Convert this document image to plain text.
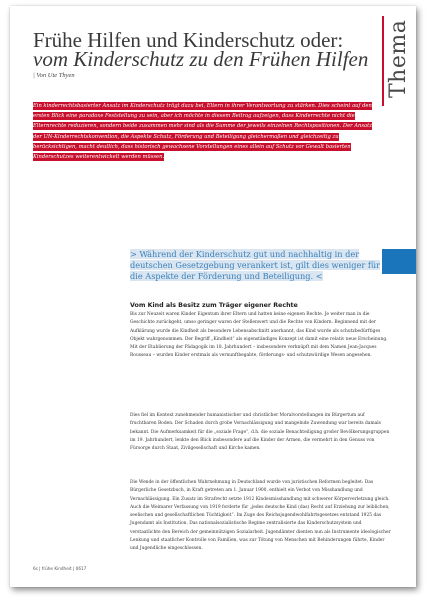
Thema
Frühe Hilfen und Kinderschutz oder:
vom Kinderschutz zu den Frühen Hilfen
| Von Ute Thyen

Ein kinderrechtsbasierter Ansatz im Kinderschutz trägt dazu bei, Eltern in ihrer Verantwortung zu stärken. Dies scheint auf den ersten Blick eine paradoxe Feststellung zu sein, aber ich möchte in diesem Beitrag aufzeigen, dass Kinderrechte nicht die Elternrechte reduzieren, sondern beide zusammen mehr sind als die Summe der jeweils einzelnen Rechtspositionen. Der Ansatz der UN-Kinderrechtskonvention, die Aspekte Schutz, Förderung und Beteiligung gleichermaßen und gleichzeitig zu berücksichtigen, macht deutlich, dass historisch gewachsene Vorstellungen eines allein auf Schutz vor Gewalt basierten Kinderschutzes weiterentwickelt werden müssen.

> Während der Kinderschutz gut und nachhaltig in der deutschen Gesetzgebung verankert ist, gilt dies weniger für die Aspekte der Förderung und Beteiligung. <

Vom Kind als Besitz zum Träger eigener Rechte

Bis zur Neuzeit waren Kinder Eigentum ihrer Eltern und hatten keine eigenen Rechte. Je weiter man in die Geschichte zurückgeht, umso geringer waren der Stellenwert und die Rechte von Kindern. Beginnend mit der Aufklärung wurde die Kindheit als besondere Lebensabschnitt anerkannt, das Kind wurde als schutzbedürftiges Objekt wahrgenommen. Der Begriff „Kindheit“ als eigenständiges Konzept ist damit eine relativ neue Erscheinung. Mit der Etablierung der Pädagogik im 18. Jahrhundert – insbesondere verknüpft mit dem Namen Jean-Jacques Rousseau – wurden Kinder erstmals als vernunftbegabte, förderungs- und schutzwürdige Wesen angesehen.

Dies fiel im Kontext zunehmender humanistischer und christlicher Moralvorstellungen im Bürgertum auf fruchtbaren Boden. Der Schaden durch grobe Vernachlässigung und mangelnde Zuwendung war bereits damals bekannt. Die Aufmerksamkeit für die „soziale Frage“, d.h. die soziale Benachteiligung großer Bevölkerungsgruppen im 19. Jahrhundert, lenkte den Blick insbesondere auf die Kinder der Armen, die vermehrt in den Genuss von Fürsorge durch Staat, Zivilgesellschaft und Kirche kamen.

Die Wende in der öffentlichen Wahrnehmung in Deutschland wurde von juristischen Reformen begleitet: Das Bürgerliche Gesetzbuch, in Kraft getreten am 1. Januar 1900, enthielt ein Verbot von Misshandlung und Vernachlässigung. Ein Zusatz im Strafrecht setzte 1912 Kindesmisshandlung mit schwerer Körperverletzung gleich. Auch die Weimarer Verfassung von 1919 forderte für „jedes deutsche Kind (das) Recht auf Erziehung zur leiblichen, seelischen und gesellschaftlichen Tüchtigkeit“. Im Zuge des Reichsjugendwohlfahrtsgesetzes entstand 1925 das Jugendamt als Institution. Das nationalsozialistische Regime zentralisierte das Kinderschutzsystem und verstaatlichte den Bereich der gemeinnützigen Sozialarbeit. Jugendämter dienten nun als Instrumente ideologischer Lenkung und staatlicher Kontrolle von Familien, was zur Tötung von Menschen mit Behinderungen führte, Kinder und Jugendliche eingeschlossen.

6s | frühe Kindheit | 0617
